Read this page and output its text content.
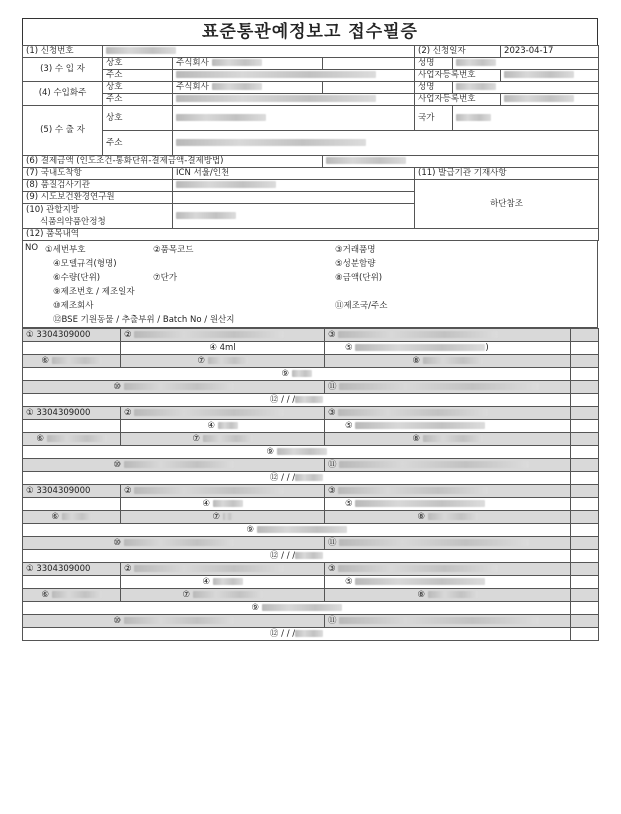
표준통관예정보고 접수필증
(1) 신청번호				(2) 신청일자		2023-04-17
(3) 수 입 자	상호	주식회사		성명		
	주소			사업자등록번호		
(4) 수입화주	상호	주식회사		성명		
	주소			사업자등록번호		
(5) 수 출 자	상호			국가		
	주소					
(6) 결제금액 (인도조건-통화단위-결제금액-결제방법)						
(7) 국내도착항		ICN 서울/인천		(11) 발급기관 기재사항		
(8) 품질검사기관				하단참조		
(9) 시도보건환경연구원						

(10) 관할지방
식품의약품안정청						

(12) 품목내역						
NO ①세번부호	②품목코드	③거래품명
④모델규격(형명)	⑤성분함량
⑥수량(단위)	⑦단가	⑧금액(단위)
⑨제조번호 / 제조일자
⑩제조회사	⑪제조국/주소
⑫BSE 기원동물 / 추출부위 / Batch No / 원산지
① 3304309000	②	③	
	④ 4ml	⑤ )	
⑥	⑦	⑧	
⑨			
⑩		⑪	
⑫ / / /			
① 3304309000	②	③	
	④	⑤	
⑥	⑦	⑧	
⑨			
⑩		⑪	
⑫ / / /			
① 3304309000	②	③	
	④	⑤	
⑥	⑦	⑧	
⑨			
⑩		⑪	
⑫ / / /			
① 3304309000	②	③	
	④	⑤	
⑥	⑦	⑧	
⑨			
⑩		⑪	
⑫ / / /			
